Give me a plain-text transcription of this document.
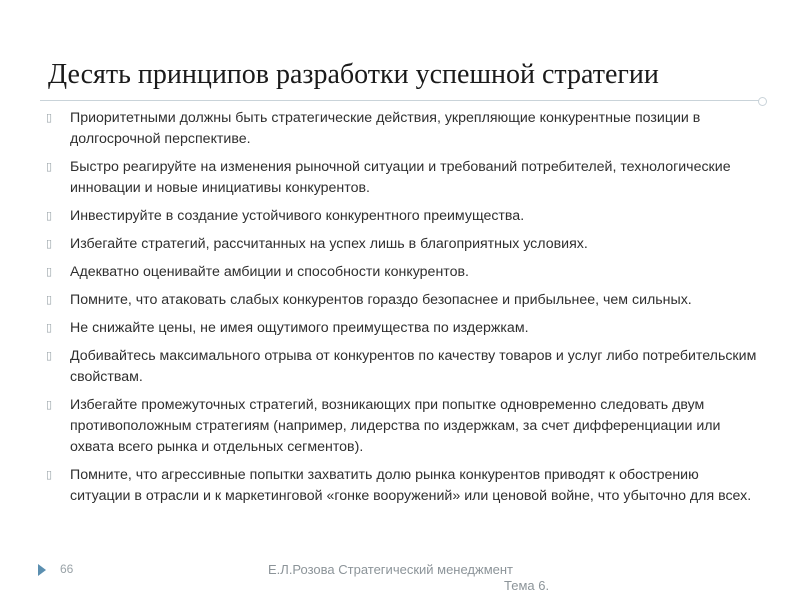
Десять принципов разработки успешной стратегии
▯ Приоритетными должны быть стратегические действия, укрепляющие конкурентные позиции в долгосрочной перспективе.
▯ Быстро реагируйте на изменения рыночной ситуации и требований потребителей, технологические инновации и новые инициативы конкурентов.
▯ Инвестируйте в создание устойчивого конкурентного преимущества.
▯ Избегайте стратегий, рассчитанных на успех лишь в благоприятных условиях.
▯ Адекватно оценивайте амбиции и способности конкурентов.
▯ Помните, что атаковать слабых конкурентов гораздо безопаснее и прибыльнее, чем сильных.
▯ Не снижайте цены, не имея ощутимого преимущества по издержкам.
▯ Добивайтесь максимального отрыва от конкурентов по качеству товаров и услуг либо потребительским свойствам.
▯ Избегайте промежуточных стратегий, возникающих при попытке одновременно следовать двум противоположным стратегиям (например, лидерства по издержкам, за счет дифференциации или охвата всего рынка и отдельных сегментов).
▯ Помните, что агрессивные попытки захватить долю рынка конкурентов приводят к обострению ситуации в отрасли и к маркетинговой «гонке вооружений» или ценовой войне, что убыточно для всех.
66	Е.Л.Розова Стратегический менеджмент
Тема 6.
